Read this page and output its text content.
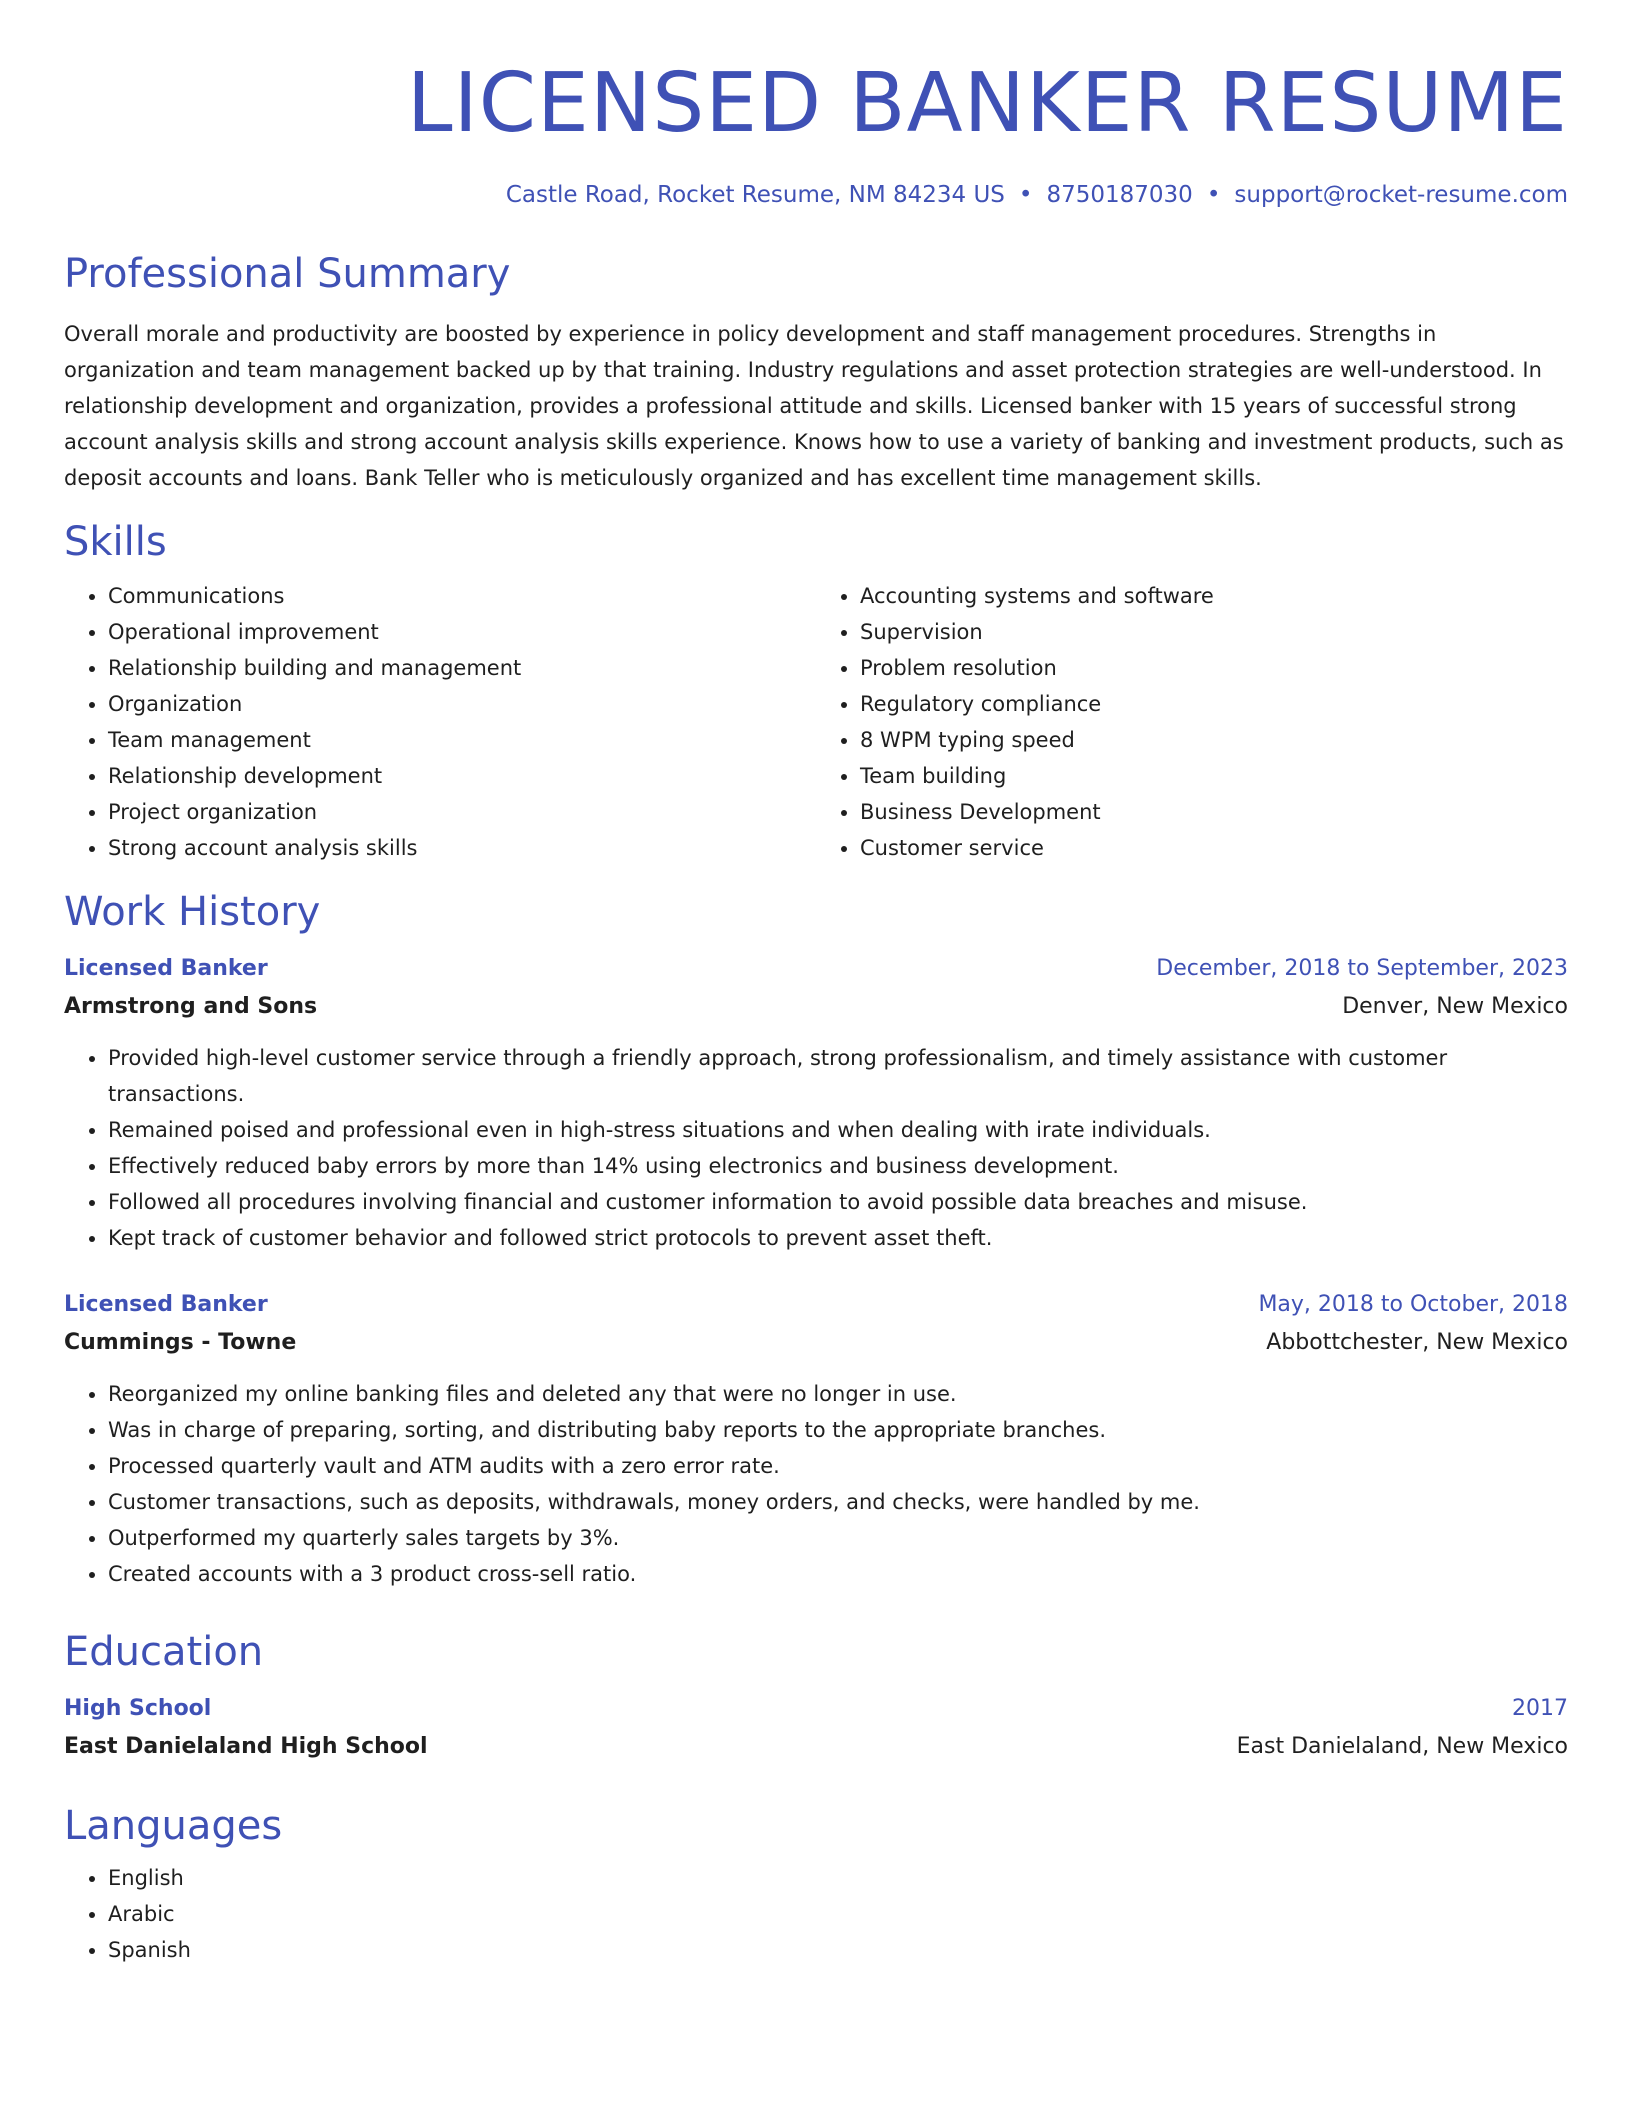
LICENSED BANKER RESUME
Castle Road, Rocket Resume, NM 84234 US • 8750187030 • support@rocket-resume.com
Professional Summary

Overall morale and productivity are boosted by experience in policy development and staff management procedures. Strengths in organization and team management backed up by that training. Industry regulations and asset protection strategies are well-understood. In relationship development and organization, provides a professional attitude and skills. Licensed banker with 15 years of successful strong account analysis skills and strong account analysis skills experience. Knows how to use a variety of banking and investment products, such as deposit accounts and loans. Bank Teller who is meticulously organized and has excellent time management skills.

Skills
• Communications
• Operational improvement
• Relationship building and management
• Organization
• Team management
• Relationship development
• Project organization
• Strong account analysis skills
• Accounting systems and software
• Supervision
• Problem resolution
• Regulatory compliance
• 8 WPM typing speed
• Team building
• Business Development
• Customer service
Work History
Licensed Banker	December, 2018 to September, 2023
Armstrong and Sons	Denver, New Mexico
• Provided high-level customer service through a friendly approach, strong professionalism, and timely assistance with customer transactions.
• Remained poised and professional even in high-stress situations and when dealing with irate individuals.
• Effectively reduced baby errors by more than 14% using electronics and business development.
• Followed all procedures involving financial and customer information to avoid possible data breaches and misuse.
• Kept track of customer behavior and followed strict protocols to prevent asset theft.
Licensed Banker	May, 2018 to October, 2018
Cummings - Towne	Abbottchester, New Mexico
• Reorganized my online banking files and deleted any that were no longer in use.
• Was in charge of preparing, sorting, and distributing baby reports to the appropriate branches.
• Processed quarterly vault and ATM audits with a zero error rate.
• Customer transactions, such as deposits, withdrawals, money orders, and checks, were handled by me.
• Outperformed my quarterly sales targets by 3%.
• Created accounts with a 3 product cross-sell ratio.
Education
High School	2017
East Danielaland High School	East Danielaland, New Mexico
Languages
• English
• Arabic
• Spanish
